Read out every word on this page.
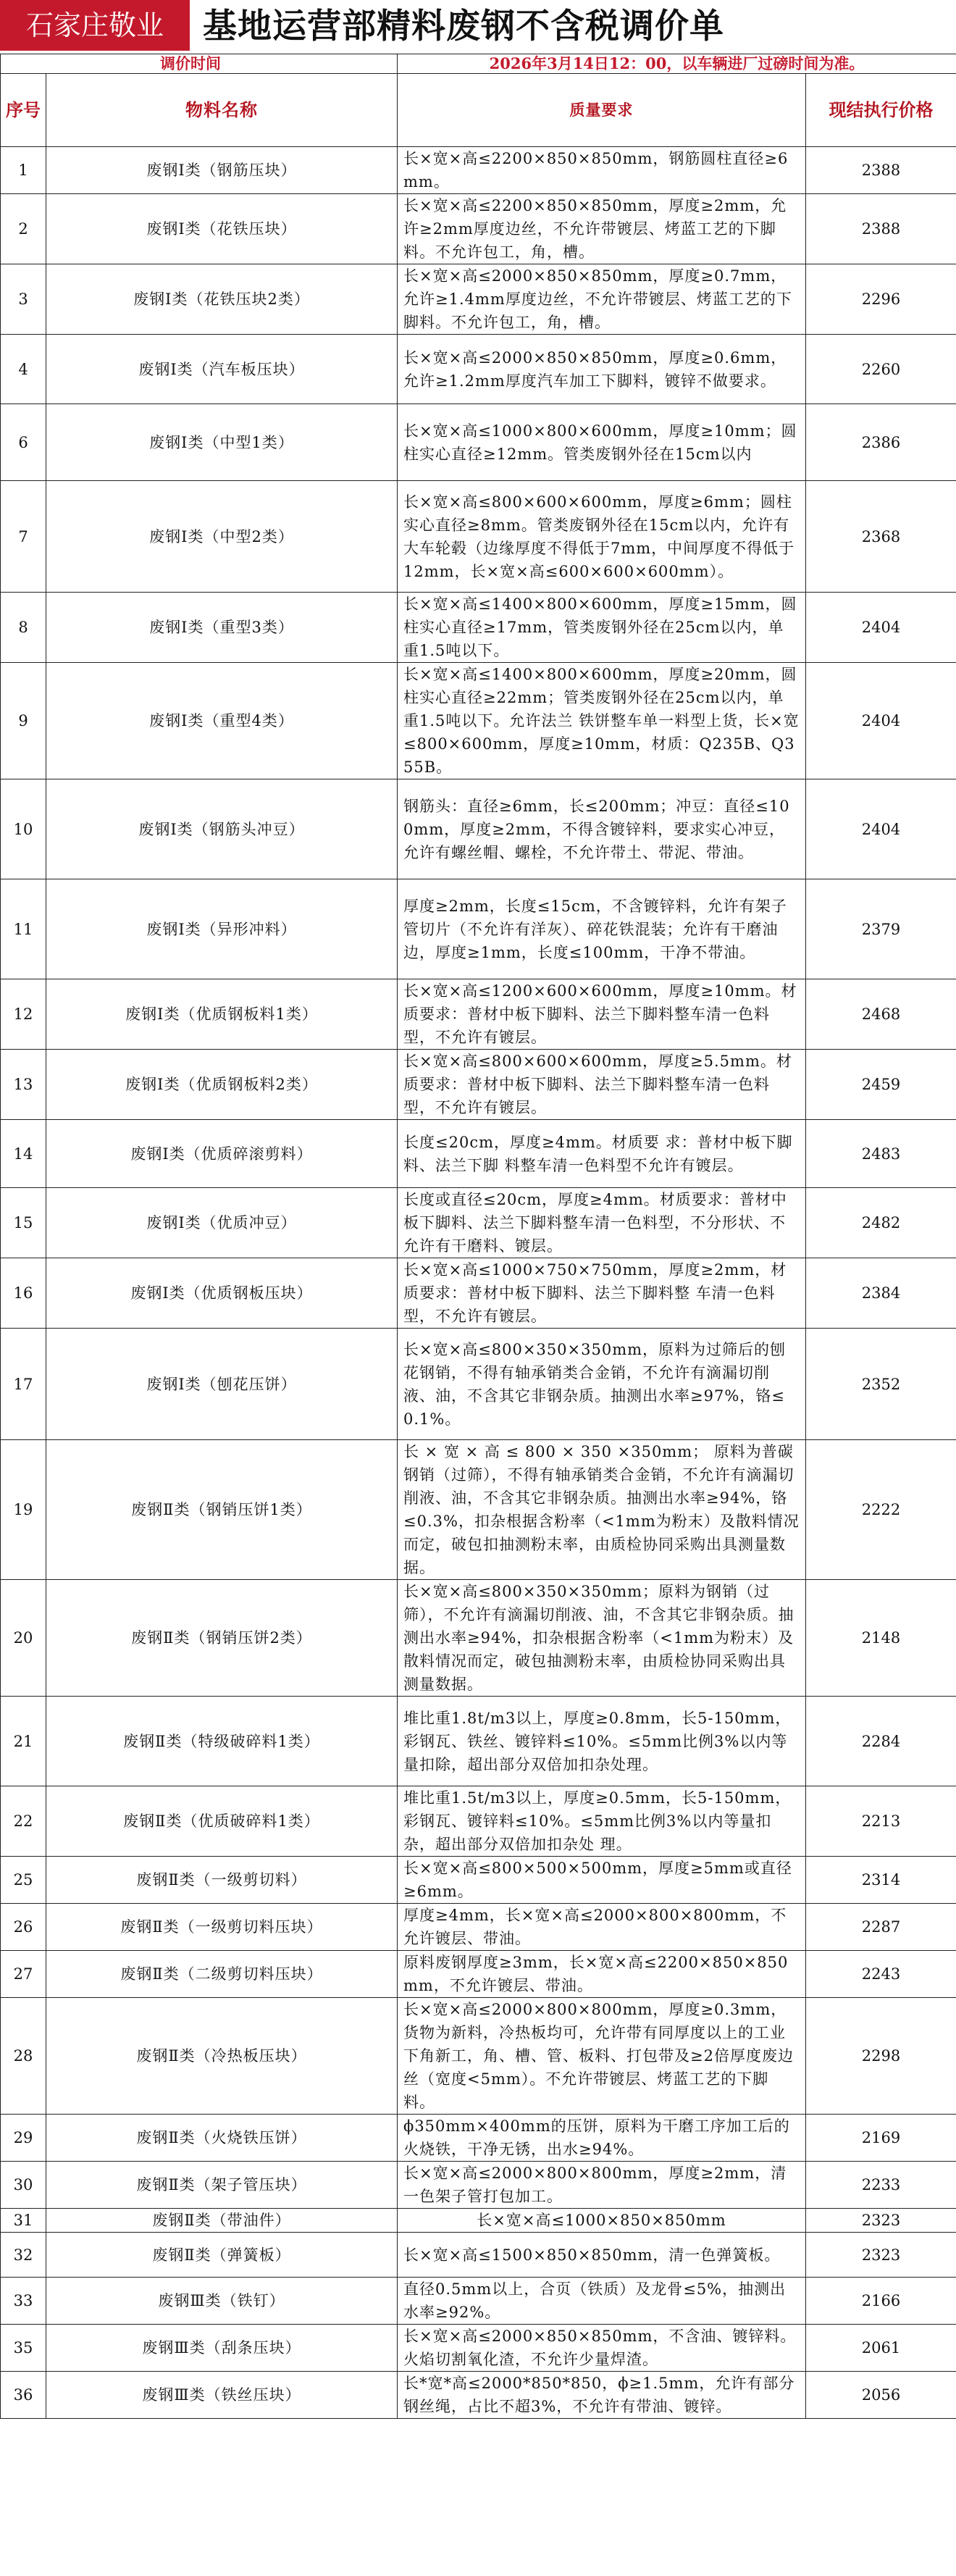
石家庄敬业	基地运营部精料废钢不含税调价单
调价时间		2026年3月14日12：00，以车辆进厂过磅时间为准。	
序号	物料名称	质量要求	现结执行价格
1	废钢Ⅰ类（钢筋压块）	长×宽×高≤2200×850×850mm，钢筋圆柱直径≥6mm。	2388
2	废钢Ⅰ类（花铁压块）	长×宽×高≤2200×850×850mm，厚度≥2mm，允许≥2mm厚度边丝，不允许带镀层、烤蓝工艺的下脚料。不允许包工，角，槽。	2388
3	废钢Ⅰ类（花铁压块2类）	长×宽×高≤2000×850×850mm，厚度≥0.7mm，允许≥1.4mm厚度边丝，不允许带镀层、烤蓝工艺的下脚料。不允许包工，角，槽。	2296
4	废钢Ⅰ类（汽车板压块）	长×宽×高≤2000×850×850mm，厚度≥0.6mm，允许≥1.2mm厚度汽车加工下脚料，镀锌不做要求。	2260
6	废钢Ⅰ类（中型1类）	长×宽×高≤1000×800×600mm，厚度≥10mm；圆柱实心直径≥12mm。管类废钢外径在15cm以内	2386
7	废钢Ⅰ类（中型2类）	长×宽×高≤800×600×600mm，厚度≥6mm；圆柱实心直径≥8mm。管类废钢外径在15cm以内，允许有大车轮毂（边缘厚度不得低于7mm，中间厚度不得低于12mm，长×宽×高≤600×600×600mm）。	2368
8	废钢Ⅰ类（重型3类）	长×宽×高≤1400×800×600mm，厚度≥15mm，圆柱实心直径≥17mm，管类废钢外径在25cm以内，单重1.5吨以下。	2404
9	废钢Ⅰ类（重型4类）	长×宽×高≤1400×800×600mm，厚度≥20mm，圆柱实心直径≥22mm；管类废钢外径在25cm以内，单重1.5吨以下。允许法兰 铁饼整车单一料型上货，长×宽≤800×600mm，厚度≥10mm，材质：Q235B、Q355B。	2404
10	废钢Ⅰ类（钢筋头冲豆）	钢筋头：直径≥6mm，长≤200mm；冲豆：直径≤100mm，厚度≥2mm，不得含镀锌料，要求实心冲豆，允许有螺丝帽、螺栓，不允许带土、带泥、带油。	2404
11	废钢Ⅰ类（异形冲料）	厚度≥2mm，长度≤15cm，不含镀锌料，允许有架子管切片（不允许有洋灰）、碎花铁混装；允许有干磨油边，厚度≥1mm，长度≤100mm，干净不带油。	2379
12	废钢Ⅰ类（优质钢板料1类）	长×宽×高≤1200×600×600mm，厚度≥10mm。材质要求：普材中板下脚料、法兰下脚料整车清一色料型，不允许有镀层。	2468
13	废钢Ⅰ类（优质钢板料2类）	长×宽×高≤800×600×600mm，厚度≥5.5mm。材质要求：普材中板下脚料、法兰下脚料整车清一色料型，不允许有镀层。	2459
14	废钢Ⅰ类（优质碎滚剪料）	长度≤20cm，厚度≥4mm。材质要 求：普材中板下脚料、法兰下脚 料整车清一色料型不允许有镀层。	2483
15	废钢Ⅰ类（优质冲豆）	长度或直径≤20cm，厚度≥4mm。材质要求：普材中板下脚料、法兰下脚料整车清一色料型，不分形状、不允许有干磨料、镀层。	2482
16	废钢Ⅰ类（优质钢板压块）	长×宽×高≤1000×750×750mm，厚度≥2mm，材质要求：普材中板下脚料、法兰下脚料整 车清一色料型，不允许有镀层。	2384
17	废钢Ⅰ类（刨花压饼）	长×宽×高≤800×350×350mm，原料为过筛后的刨花钢销，不得有轴承销类合金销，不允许有滴漏切削液、油，不含其它非钢杂质。抽测出水率≥97%，铬≤0.1%。	2352
19	废钢Ⅱ类（钢销压饼1类）	长 × 宽 × 高 ≤ 800 × 350 ×350mm； 原料为普碳钢销（过筛），不得有轴承销类合金销，不允许有滴漏切削液、油，不含其它非钢杂质。抽测出水率≥94%，铬≤0.3%，扣杂根据含粉率（<1mm为粉末）及散料情况而定，破包扣抽测粉末率，由质检协同采购出具测量数据。	2222
20	废钢Ⅱ类（钢销压饼2类）	长×宽×高≤800×350×350mm；原料为钢销（过筛），不允许有滴漏切削液、油，不含其它非钢杂质。抽测出水率≥94%，扣杂根据含粉率（<1mm为粉末）及散料情况而定，破包抽测粉末率，由质检协同采购出具测量数据。	2148
21	废钢Ⅱ类（特级破碎料1类）	堆比重1.8t/m3以上，厚度≥0.8mm，长5-150mm，彩钢瓦、铁丝、镀锌料≤10%。≤5mm比例3%以内等量扣除，超出部分双倍加扣杂处理。	2284
22	废钢Ⅱ类（优质破碎料1类）	堆比重1.5t/m3以上，厚度≥0.5mm，长5-150mm，彩钢瓦、镀锌料≤10%。≤5mm比例3%以内等量扣杂，超出部分双倍加扣杂处 理。	2213
25	废钢Ⅱ类（一级剪切料）	长×宽×高≤800×500×500mm，厚度≥5mm或直径≥6mm。	2314
26	废钢Ⅱ类（一级剪切料压块）	厚度≥4mm，长×宽×高≤2000×800×800mm，不允许镀层、带油。	2287
27	废钢Ⅱ类（二级剪切料压块）	原料废钢厚度≥3mm，长×宽×高≤2200×850×850mm，不允许镀层、带油。	2243
28	废钢Ⅱ类（冷热板压块）	长×宽×高≤2000×800×800mm，厚度≥0.3mm，货物为新料，冷热板均可，允许带有同厚度以上的工业下角新工，角、槽、管、板料、打包带及≥2倍厚度废边丝（宽度<5mm）。不允许带镀层、烤蓝工艺的下脚料。	2298
29	废钢Ⅱ类（火烧铁压饼）	ϕ350mm×400mm的压饼，原料为干磨工序加工后的火烧铁，干净无锈，出水≥94%。	2169
30	废钢Ⅱ类（架子管压块）	长×宽×高≤2000×800×800mm，厚度≥2mm，清一色架子管打包加工。	2233
31	废钢Ⅱ类（带油件）	长×宽×高≤1000×850×850mm	2323
32	废钢Ⅱ类（弹簧板）	长×宽×高≤1500×850×850mm，清一色弹簧板。	2323
33	废钢Ⅲ类（铁钉）	直径0.5mm以上，合页（铁质）及龙骨≤5%，抽测出水率≥92%。	2166
35	废钢Ⅲ类（刮条压块）	长×宽×高≤2000×850×850mm，不含油、镀锌料。火焰切割氧化渣，不允许少量焊渣。	2061
36	废钢Ⅲ类（铁丝压块）	长*宽*高≤2000*850*850，ϕ≥1.5mm，允许有部分钢丝绳，占比不超3%，不允许有带油、镀锌。	2056
